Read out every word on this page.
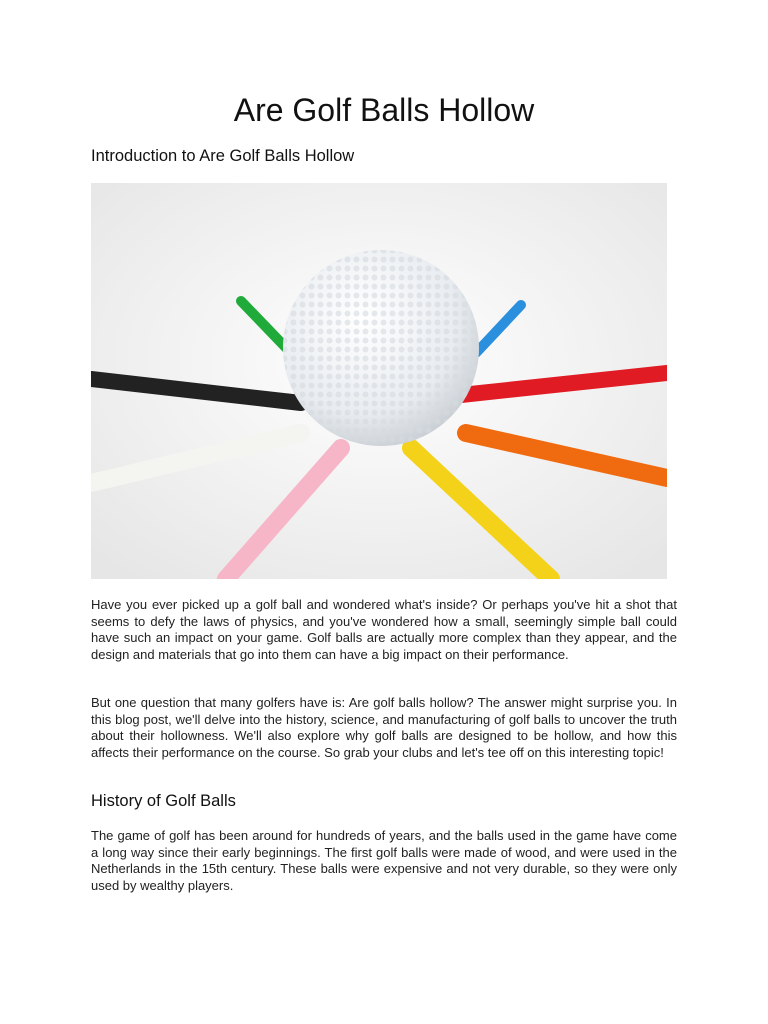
Are Golf Balls Hollow
Introduction to Are Golf Balls Hollow

Have you ever picked up a golf ball and wondered what's inside? Or perhaps you've hit a shot that seems to defy the laws of physics, and you've wondered how a small, seemingly simple ball could have such an impact on your game. Golf balls are actually more complex than they appear, and the design and materials that go into them can have a big impact on their performance.

But one question that many golfers have is: Are golf balls hollow? The answer might surprise you. In this blog post, we'll delve into the history, science, and manufacturing of golf balls to uncover the truth about their hollowness. We'll also explore why golf balls are designed to be hollow, and how this affects their performance on the course. So grab your clubs and let's tee off on this interesting topic!

History of Golf Balls

The game of golf has been around for hundreds of years, and the balls used in the game have come a long way since their early beginnings. The first golf balls were made of wood, and were used in the Netherlands in the 15th century. These balls were expensive and not very durable, so they were only used by wealthy players.
